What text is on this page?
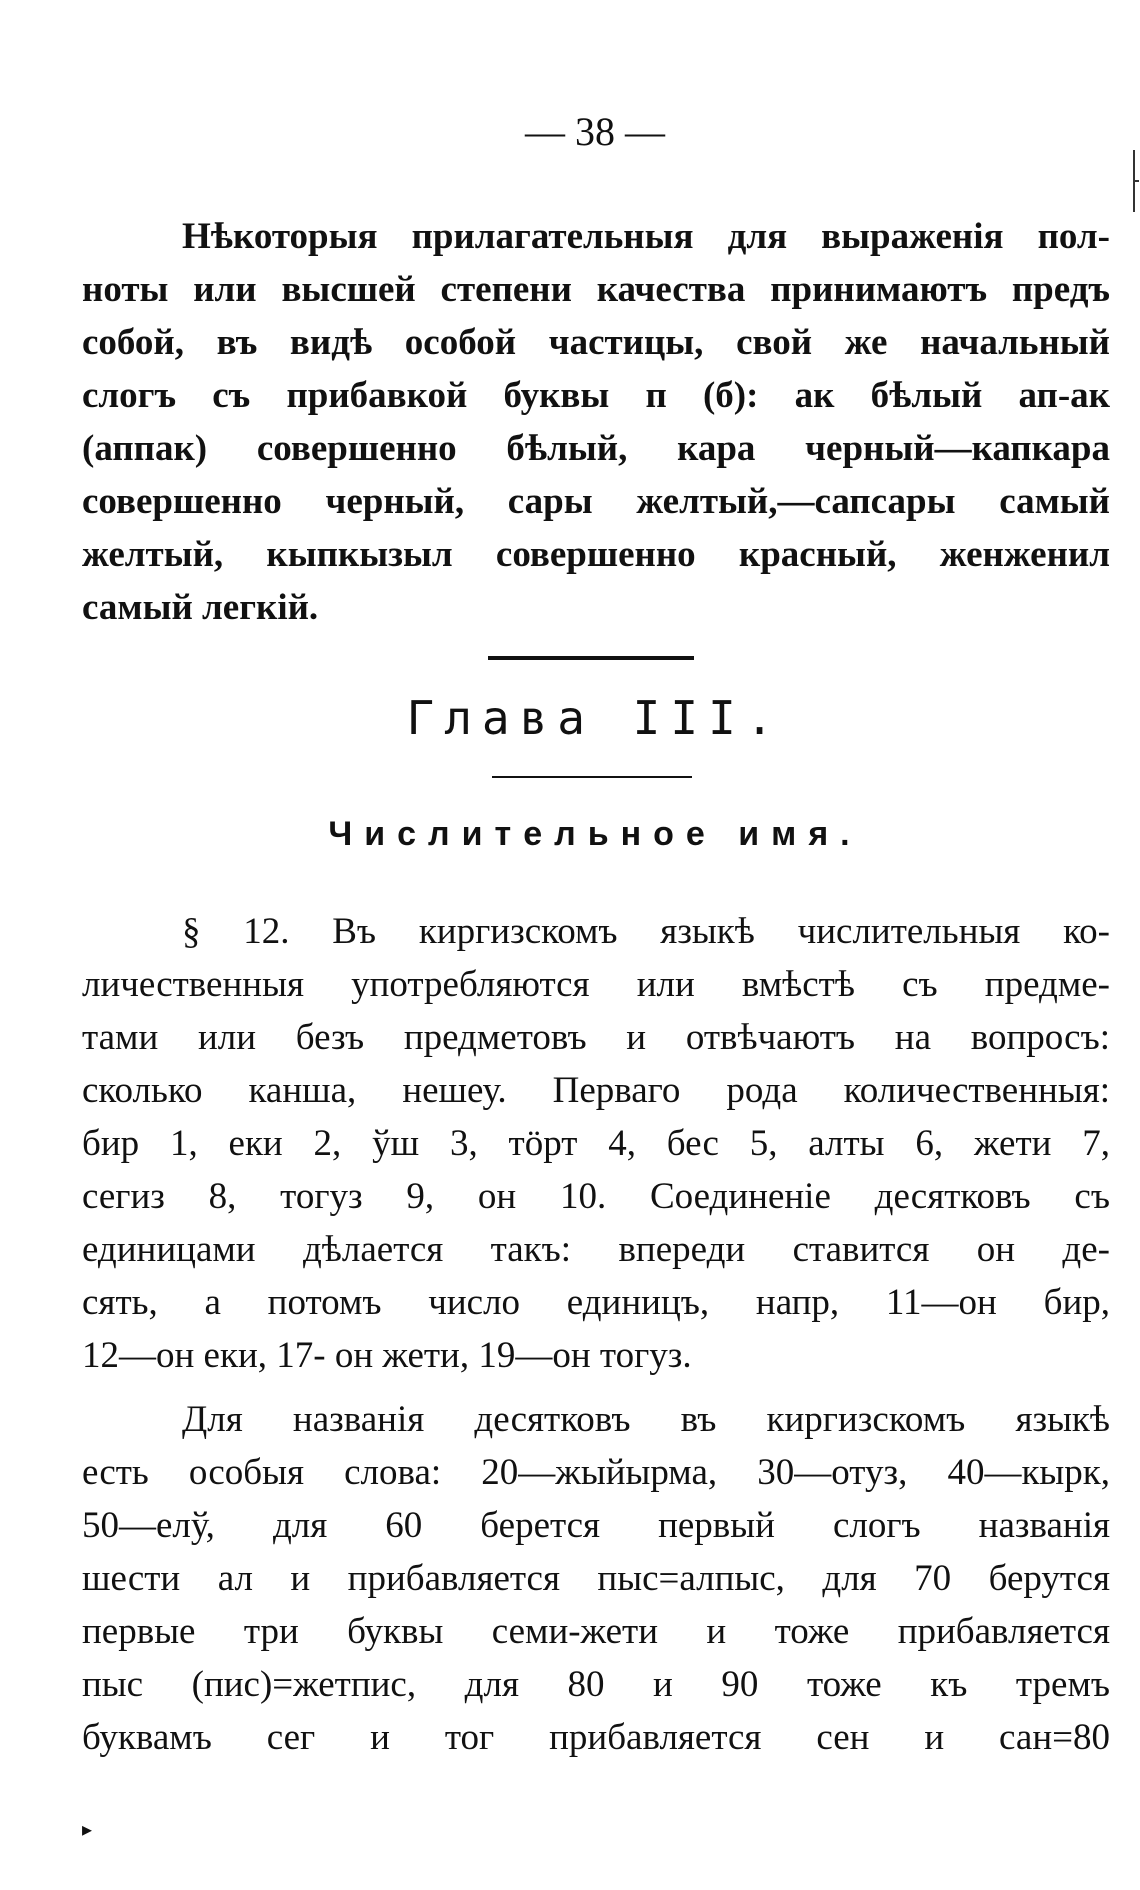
— 38 —
Нѣкоторыя прилагательныя для выраженія пол-
ноты или высшей степени качества принимаютъ предъ
собой, въ видѣ особой частицы, свой же начальный
слогъ съ прибавкой буквы п (б): ак бѣлый ап-ак
(аппак) совершенно бѣлый, кара черный—капкара
совершенно черный, сары желтый,—сапсары самый
желтый, кыпкызыл совершенно красный, женженил
самый легкій.
Глава III.
Числительное имя.
§ 12. Въ киргизскомъ языкѣ числительныя ко-
личественныя употребляются или вмѣстѣ съ предме-
тами или безъ предметовъ и отвѣчаютъ на вопросъ:
сколько канша, нешеу. Перваго рода количественныя:
бир 1, еки 2, ўш 3, тӧрт 4, бес 5, алты 6, жети 7,
сегиз 8, тогуз 9, он 10. Соединеніе десятковъ съ
единицами дѣлается такъ: впереди ставится он де-
сять, а потомъ число единицъ, напр, 11—он бир,
12—он еки, 17- он жети, 19—он тогуз.
Для названія десятковъ въ киргизскомъ языкѣ
есть особыя слова: 20—жыйырма, 30—отуз, 40—кырк,
50—елў, для 60 берется первый слогъ названія
шести ал и прибавляется пыс=алпыс, для 70 берутся
первые три буквы семи-жети и тоже прибавляется
пыс (пис)=жетпис, для 80 и 90 тоже къ тремъ
буквамъ сег и тог прибавляется сен и сан=80
▸
